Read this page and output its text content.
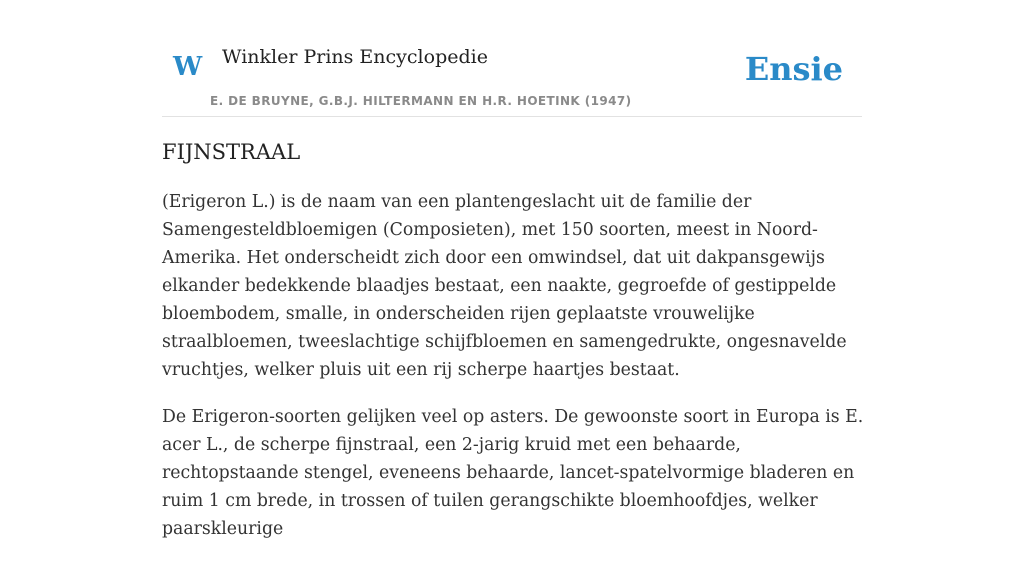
W Winkler Prins Encyclopedie
E. DE BRUYNE, G.B.J. HILTERMANN EN H.R. HOETINK (1947)
Ensie
FIJNSTRAAL

(Erigeron L.) is de naam van een plantengeslacht uit de familie der Samengesteldbloemigen (Composieten), met 150 soorten, meest in Noord-Amerika. Het onderscheidt zich door een omwindsel, dat uit dakpansgewijs elkander bedekkende blaadjes bestaat, een naakte, gegroefde of gestippelde bloembodem, smalle, in onderscheiden rijen geplaatste vrouwelijke straalbloemen, tweeslachtige schijfbloemen en samengedrukte, ongesnavelde vruchtjes, welker pluis uit een rij scherpe haartjes bestaat.

De Erigeron-soorten gelijken veel op asters. De gewoonste soort in Europa is E. acer L., de scherpe fijnstraal, een 2-jarig kruid met een behaarde, rechtopstaande stengel, eveneens behaarde, lancet-spatelvormige bladeren en ruim 1 cm brede, in trossen of tuilen gerangschikte bloemhoofdjes, welker paarskleurige
